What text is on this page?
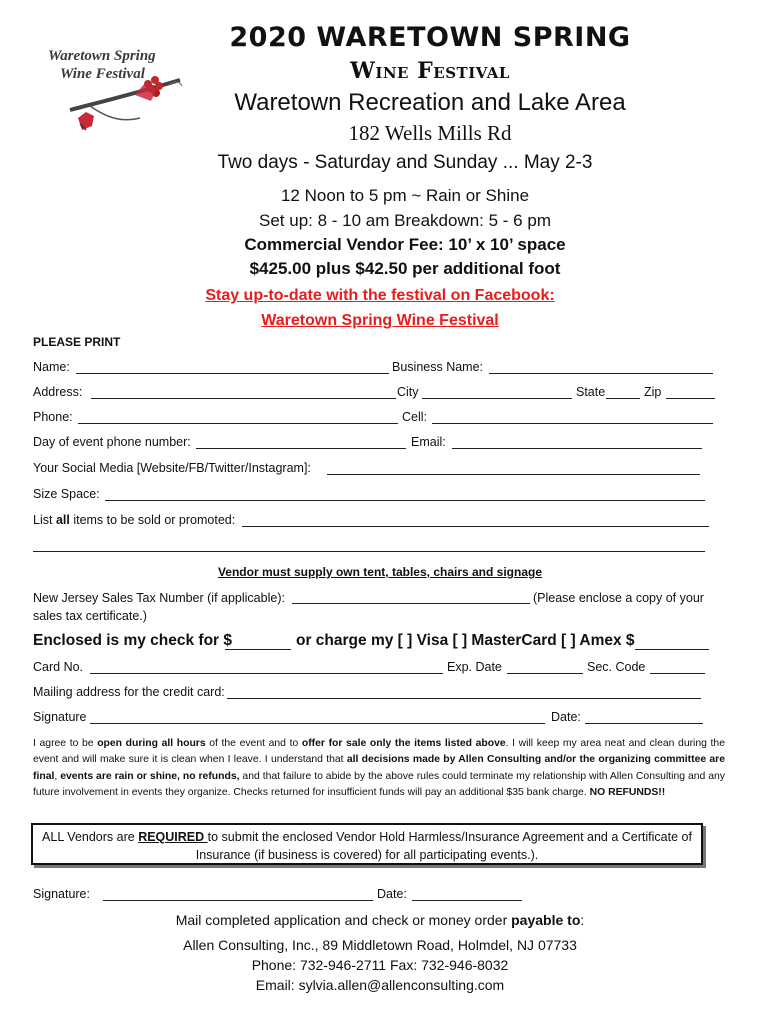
Waretown Spring
Wine Festival
2020 WARETOWN SPRING
Wine Festival
Waretown Recreation and Lake Area
182 Wells Mills Rd
Two days - Saturday and Sunday ... May 2-3
12 Noon to 5 pm ~ Rain or Shine
Set up: 8 - 10 am Breakdown: 5 - 6 pm
Commercial Vendor Fee: 10’ x 10’ space
$425.00 plus $42.50 per additional foot
Stay up-to-date with the festival on Facebook:
Waretown Spring Wine Festival
PLEASE PRINT
Name:	Business Name:
Address:	City	State	Zip
Phone:	Cell:
Day of event phone number:	Email:
Your Social Media [Website/FB/Twitter/Instagram]:
Size Space:
List all items to be sold or promoted:
Vendor must supply own tent, tables, chairs and signage
New Jersey Sales Tax Number (if applicable):	(Please enclose a copy of your
sales tax certificate.)
Enclosed is my check for $	or charge my [ ] Visa [ ] MasterCard [ ] Amex $
Card No.	Exp. Date	Sec. Code
Mailing address for the credit card:
Signature	Date:
I agree to be open during all hours of the event and to offer for sale only the items listed above. I will keep my area neat and clean during the event and will make sure it is clean when I leave. I understand that all decisions made by Allen Consulting and/or the organizing committee are final, events are rain or shine, no refunds, and that failure to abide by the above rules could terminate my relationship with Allen Consulting and any future involvement in events they organize. Checks returned for insufficient funds will pay an additional $35 bank charge. NO REFUNDS!!
ALL Vendors are REQUIRED to submit the enclosed Vendor Hold Harmless/Insurance Agreement and a Certificate of Insurance (if business is covered) for all participating events.).
Signature:	Date:
Mail completed application and check or money order payable to:
Allen Consulting, Inc., 89 Middletown Road, Holmdel, NJ 07733
Phone: 732-946-2711 Fax: 732-946-8032
Email: sylvia.allen@allenconsulting.com
